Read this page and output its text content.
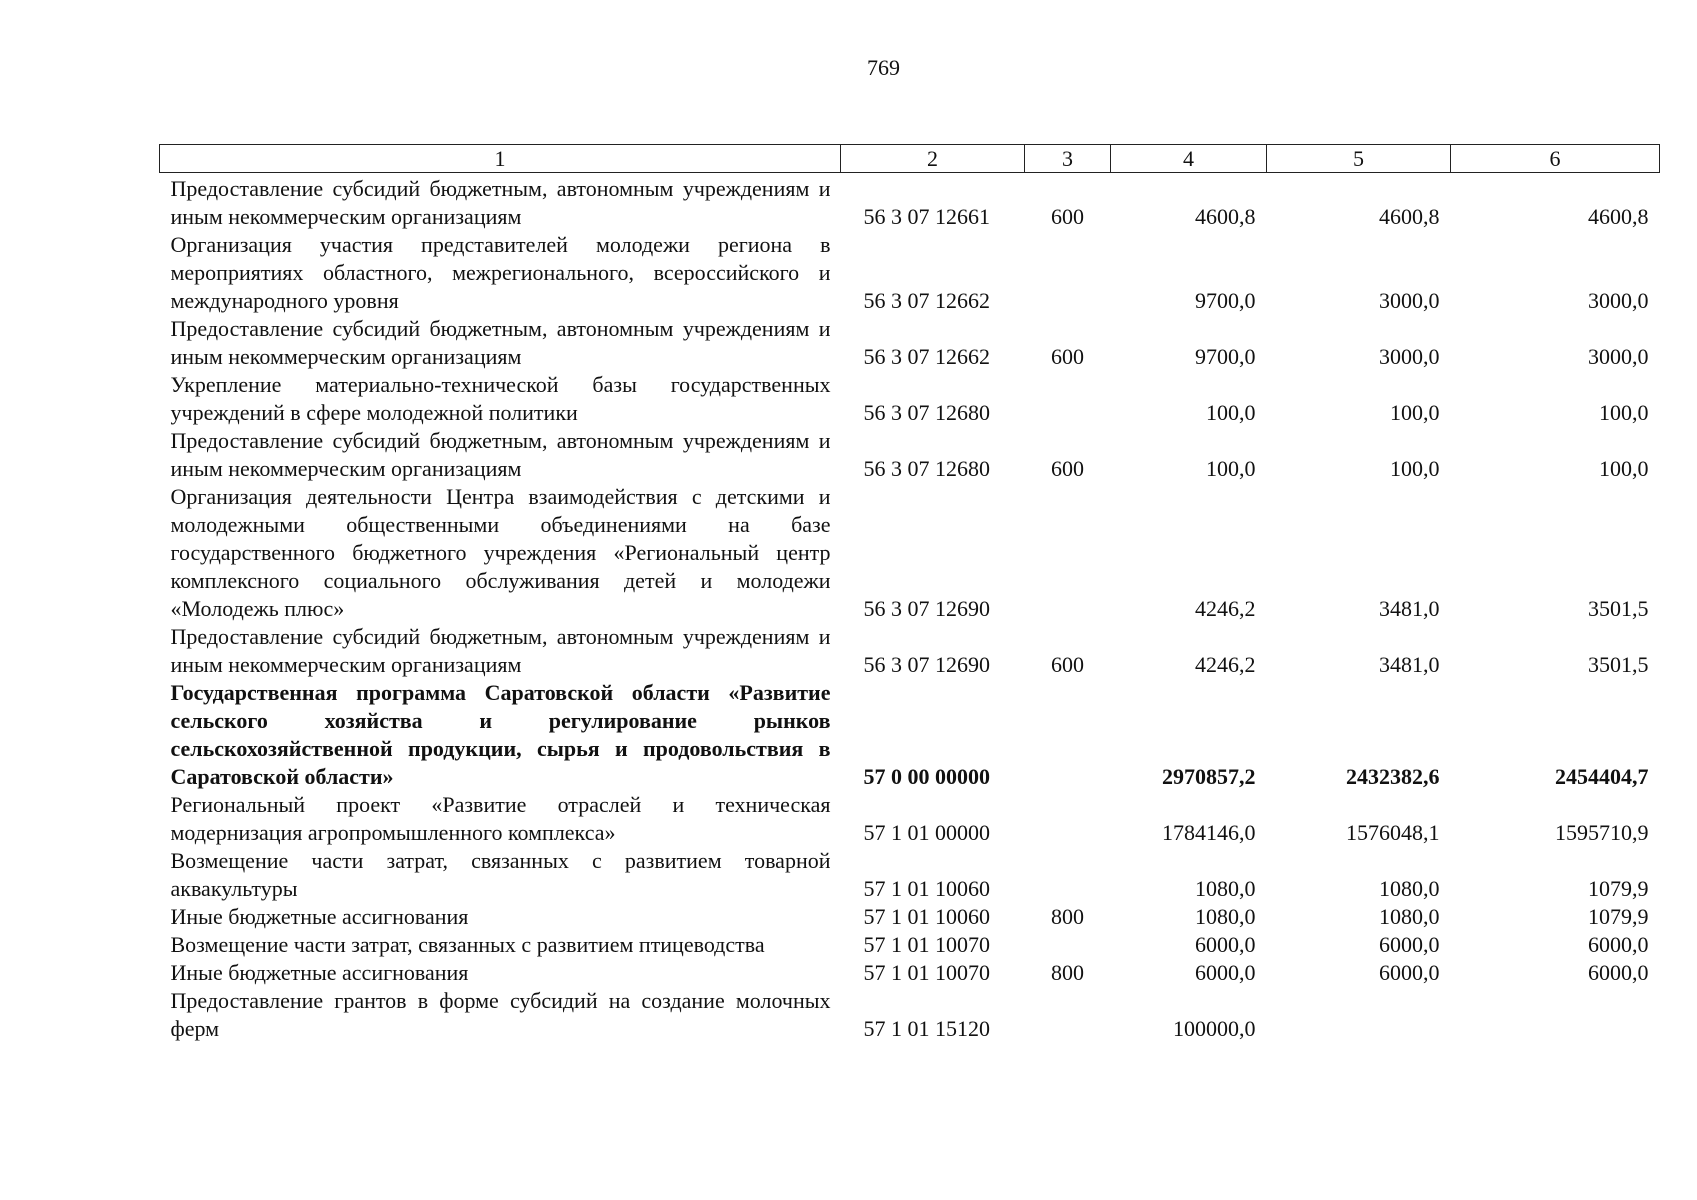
769
1	2	3	4	5	6
Предоставление субсидий бюджетным, автономным учреждениям и иным некоммерческим организациям	56 3 07 12661	600	4600,8	4600,8	4600,8
Организация участия представителей молодежи региона в мероприятиях областного, межрегионального, всероссийского и международного уровня	56 3 07 12662		9700,0	3000,0	3000,0
Предоставление субсидий бюджетным, автономным учреждениям и иным некоммерческим организациям	56 3 07 12662	600	9700,0	3000,0	3000,0
Укрепление материально-технической базы государственных учреждений в сфере молодежной политики	56 3 07 12680		100,0	100,0	100,0
Предоставление субсидий бюджетным, автономным учреждениям и иным некоммерческим организациям	56 3 07 12680	600	100,0	100,0	100,0
Организация деятельности Центра взаимодействия с детскими и молодежными общественными объединениями на базе государственного бюджетного учреждения «Региональный центр комплексного социального обслуживания детей и молодежи «Молодежь плюс»	56 3 07 12690		4246,2	3481,0	3501,5
Предоставление субсидий бюджетным, автономным учреждениям и иным некоммерческим организациям	56 3 07 12690	600	4246,2	3481,0	3501,5
Государственная программа Саратовской области «Развитие сельского хозяйства и регулирование рынков сельскохозяйственной продукции, сырья и продовольствия в Саратовской области»	57 0 00 00000		2970857,2	2432382,6	2454404,7
Региональный проект «Развитие отраслей и техническая модернизация агропромышленного комплекса»	57 1 01 00000		1784146,0	1576048,1	1595710,9
Возмещение части затрат, связанных с развитием товарной аквакультуры	57 1 01 10060		1080,0	1080,0	1079,9
Иные бюджетные ассигнования	57 1 01 10060	800	1080,0	1080,0	1079,9
Возмещение части затрат, связанных с развитием птицеводства	57 1 01 10070		6000,0	6000,0	6000,0
Иные бюджетные ассигнования	57 1 01 10070	800	6000,0	6000,0	6000,0
Предоставление грантов в форме субсидий на создание молочных ферм	57 1 01 15120		100000,0		
